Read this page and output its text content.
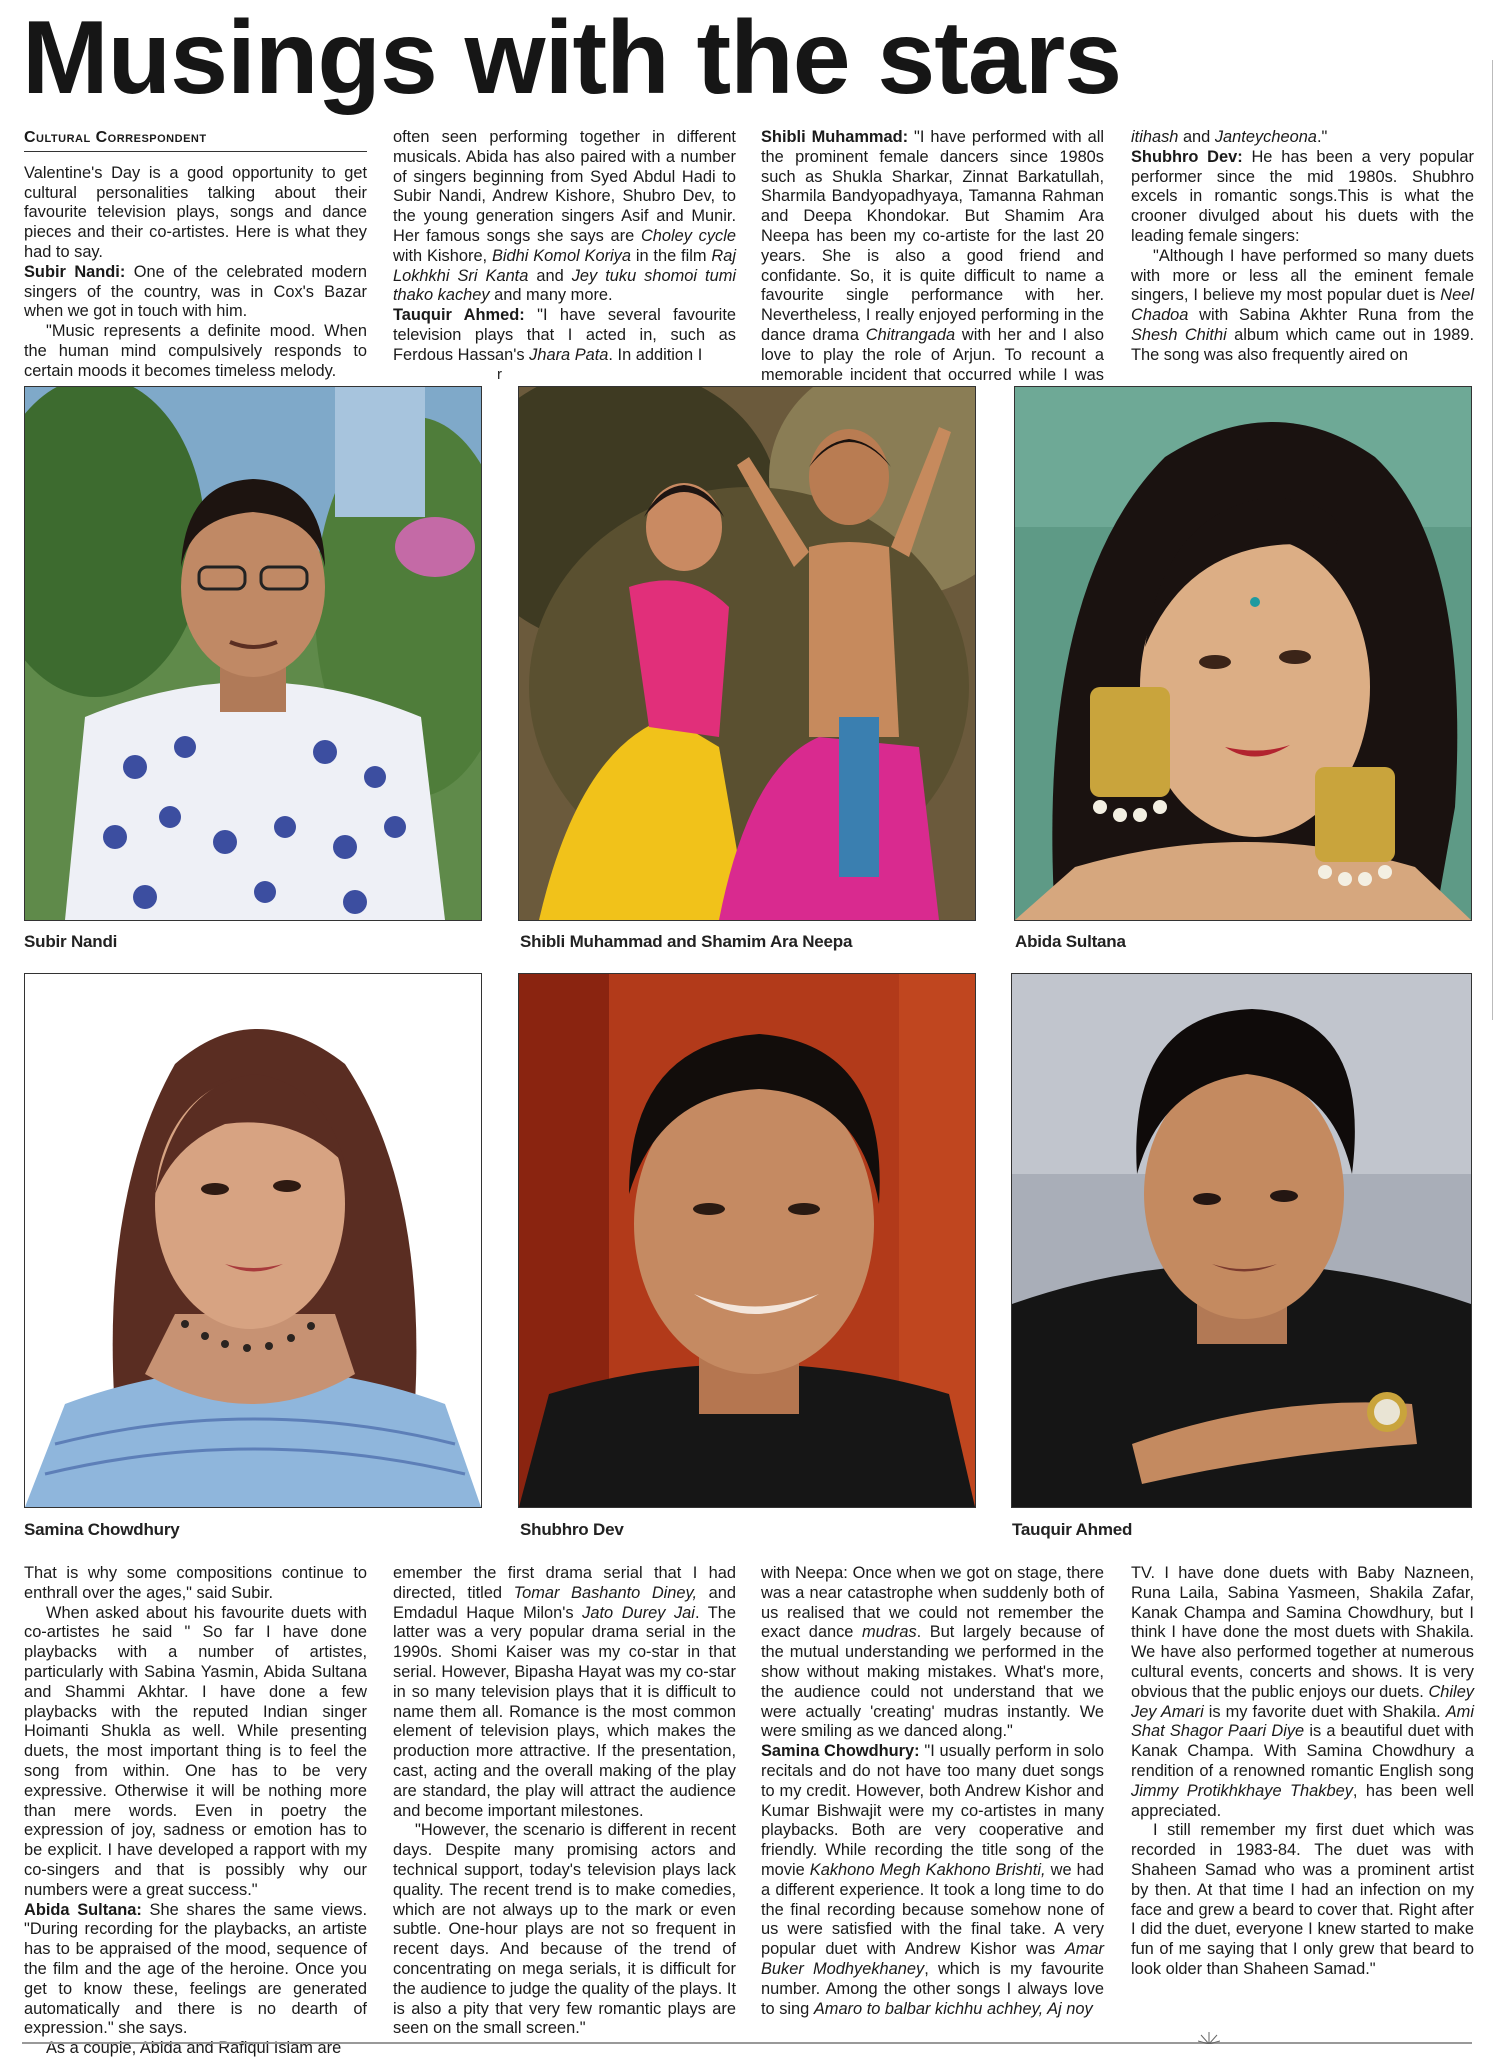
Musings with the stars
Cultural Correspondent

Valentine's Day is a good opportunity to get cultural personalities talking about their favourite television plays, songs and dance pieces and their co-artistes. Here is what they had to say.

Subir Nandi: One of the celebrated modern singers of the country, was in Cox's Bazar when we got in touch with him.

"Music represents a definite mood. When the human mind compulsively responds to certain moods it becomes timeless melody.

often seen performing together in different musicals. Abida has also paired with a number of singers beginning from Syed Abdul Hadi to Subir Nandi, Andrew Kishore, Shubro Dev, to the young generation singers Asif and Munir. Her famous songs she says are Choley cycle with Kishore, Bidhi Komol Koriya in the film Raj Lokhkhi Sri Kanta and Jey tuku shomoi tumi thako kachey and many more.

Tauquir Ahmed: "I have several favourite television plays that I acted in, such as Ferdous Hassan's Jhara Pata. In addition I

r

Shibli Muhammad: "I have performed with all the prominent female dancers since 1980s such as Shukla Sharkar, Zinnat Barkatullah, Sharmila Bandyopadhyaya, Tamanna Rahman and Deepa Khondokar. But Shamim Ara Neepa has been my co-artiste for the last 20 years. She is also a good friend and confidante. So, it is quite difficult to name a favourite single performance with her. Nevertheless, I really enjoyed performing in the dance drama Chitrangada with her and I also love to play the role of Arjun. To recount a memorable incident that occurred while I was

itihash and Janteycheona."

Shubhro Dev: He has been a very popular performer since the mid 1980s. Shubhro excels in romantic songs.This is what the crooner divulged about his duets with the leading female singers:

"Although I have performed so many duets with more or less all the eminent female singers, I believe my most popular duet is Neel Chadoa with Sabina Akhter Runa from the Shesh Chithi album which came out in 1989. The song was also frequently aired on

Subir Nandi	Shibli Muhammad and Shamim Ara Neepa	Abida Sultana
Samina Chowdhury	Shubhro Dev	Tauquir Ahmed

That is why some compositions continue to enthrall over the ages," said Subir.

When asked about his favourite duets with co-artistes he said " So far I have done playbacks with a number of artistes, particularly with Sabina Yasmin, Abida Sultana and Shammi Akhtar. I have done a few playbacks with the reputed Indian singer Hoimanti Shukla as well. While presenting duets, the most important thing is to feel the song from within. One has to be very expressive. Otherwise it will be nothing more than mere words. Even in poetry the expression of joy, sadness or emotion has to be explicit. I have developed a rapport with my co-singers and that is possibly why our numbers were a great success."

Abida Sultana: She shares the same views. "During recording for the playbacks, an artiste has to be appraised of the mood, sequence of the film and the age of the heroine. Once you get to know these, feelings are generated automatically and there is no dearth of expression." she says.

As a couple, Abida and Rafiqul Islam are

emember the first drama serial that I had directed, titled Tomar Bashanto Diney, and Emdadul Haque Milon's Jato Durey Jai. The latter was a very popular drama serial in the 1990s. Shomi Kaiser was my co-star in that serial. However, Bipasha Hayat was my co-star in so many television plays that it is difficult to name them all. Romance is the most common element of television plays, which makes the production more attractive. If the presentation, cast, acting and the overall making of the play are standard, the play will attract the audience and become important milestones.

"However, the scenario is different in recent days. Despite many promising actors and technical support, today's television plays lack quality. The recent trend is to make comedies, which are not always up to the mark or even subtle. One-hour plays are not so frequent in recent days. And because of the trend of concentrating on mega serials, it is difficult for the audience to judge the quality of the plays. It is also a pity that very few romantic plays are seen on the small screen."

with Neepa: Once when we got on stage, there was a near catastrophe when suddenly both of us realised that we could not remember the exact dance mudras. But largely because of the mutual understanding we performed in the show without making mistakes. What's more, the audience could not understand that we were actually 'creating' mudras instantly. We were smiling as we danced along."

Samina Chowdhury: "I usually perform in solo recitals and do not have too many duet songs to my credit. However, both Andrew Kishor and Kumar Bishwajit were my co-artistes in many playbacks. Both are very cooperative and friendly. While recording the title song of the movie Kakhono Megh Kakhono Brishti, we had a different experience. It took a long time to do the final recording because somehow none of us were satisfied with the final take. A very popular duet with Andrew Kishor was Amar Buker Modhyekhaney, which is my favourite number. Among the other songs I always love to sing Amaro to balbar kichhu achhey, Aj noy

TV. I have done duets with Baby Nazneen, Runa Laila, Sabina Yasmeen, Shakila Zafar, Kanak Champa and Samina Chowdhury, but I think I have done the most duets with Shakila. We have also performed together at numerous cultural events, concerts and shows. It is very obvious that the public enjoys our duets. Chiley Jey Amari is my favorite duet with Shakila. Ami Shat Shagor Paari Diye is a beautiful duet with Kanak Champa. With Samina Chowdhury a rendition of a renowned romantic English song Jimmy Protikhkhaye Thakbey, has been well appreciated.

I still remember my first duet which was recorded in 1983-84. The duet was with Shaheen Samad who was a prominent artist by then. At that time I had an infection on my face and grew a beard to cover that. Right after I did the duet, everyone I knew started to make fun of me saying that I only grew that beard to look older than Shaheen Samad."
